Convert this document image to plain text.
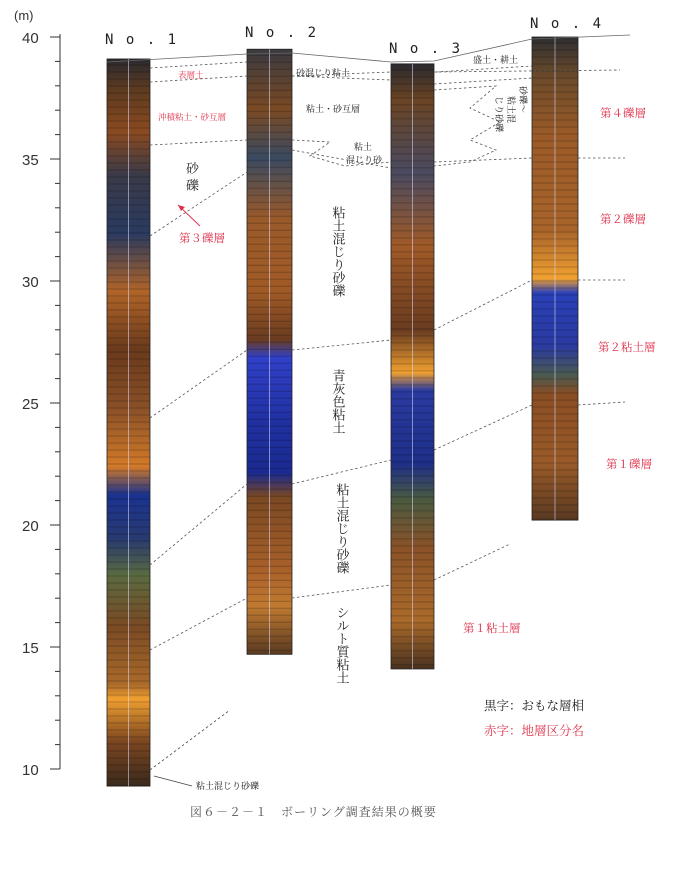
(m)
40
35
30
25
20
15
10
N o . 1	N o . 2
N o . 3
N o . 4
砂
礫
砂混じり粘土
粘土・砂互層
粘土
混じり砂
盛土・耕土
砂礫～
粘土混
じり砂礫
粘土混じり砂礫
粘土混じり砂礫
青灰色粘土
粘土混じり砂礫
シルト質粘土
表層土
沖積粘土・砂互層
第３礫層
第４礫層
第２礫層
第２粘土層
第１礫層
第１粘土層
黒字：おもな層相
赤字：地層区分名
図６－２－１　ボーリング調査結果の概要
